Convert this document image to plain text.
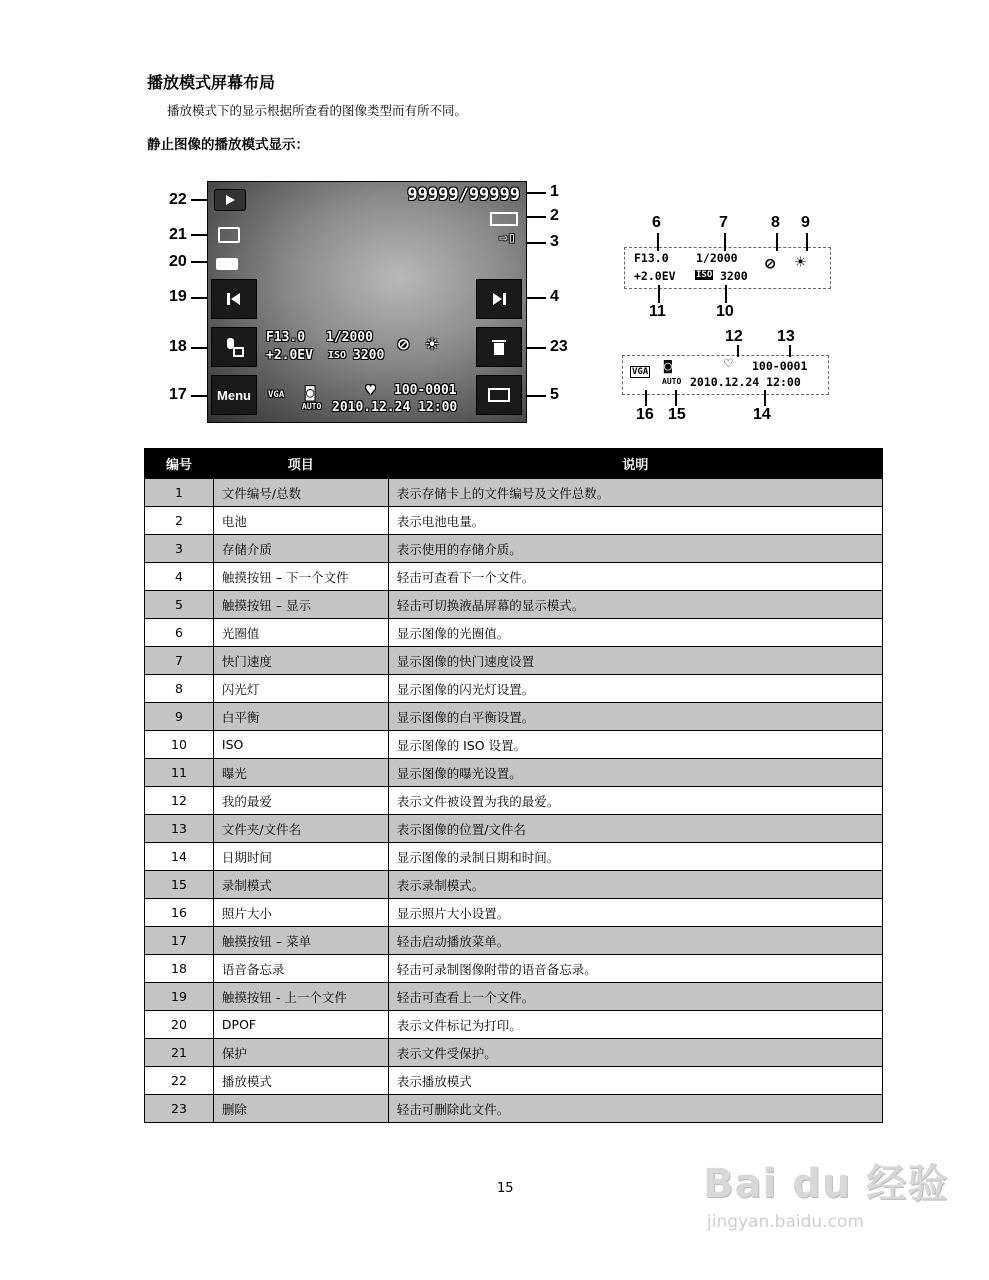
播放模式屏幕布局
播放模式下的显示根据所查看的图像类型而有所不同。
静止图像的播放模式显示：
99999/99999
⇨▯
Menu
F13.0 1/2000
+2.0EV ISO 3200
⊘ ☀
VGA ◙
AUTO
♥ 100-0001
2010.12.24 12:00
22
21
20
19
18
17
1
2
3
4
23
5
6	7	8 9
F13.0 1/2000
+2.0EV ISO 3200
⊘ ☀
11	10
12 13
VGA ◙
AUTO
♡ 100-0001
2010.12.24 12:00
16 15	14
编号	项目	说明
1	文件编号/总数	表示存储卡上的文件编号及文件总数。
2	电池	表示电池电量。
3	存储介质	表示使用的存储介质。
4	触摸按钮 – 下一个文件	轻击可查看下一个文件。
5	触摸按钮 – 显示	轻击可切换液晶屏幕的显示模式。
6	光圈值	显示图像的光圈值。
7	快门速度	显示图像的快门速度设置
8	闪光灯	显示图像的闪光灯设置。
9	白平衡	显示图像的白平衡设置。
10	ISO	显示图像的 ISO 设置。
11	曝光	显示图像的曝光设置。
12	我的最爱	表示文件被设置为我的最爱。
13	文件夹/文件名	表示图像的位置/文件名
14	日期时间	显示图像的录制日期和时间。
15	录制模式	表示录制模式。
16	照片大小	显示照片大小设置。
17	触摸按钮 – 菜单	轻击启动播放菜单。
18	语音备忘录	轻击可录制图像附带的语音备忘录。
19	触摸按钮 - 上一个文件	轻击可查看上一个文件。
20	DPOF	表示文件标记为打印。
21	保护	表示文件受保护。
22	播放模式	表示播放模式
23	删除	轻击可删除此文件。
15	Bai du 经验
jingyan.baidu.com
